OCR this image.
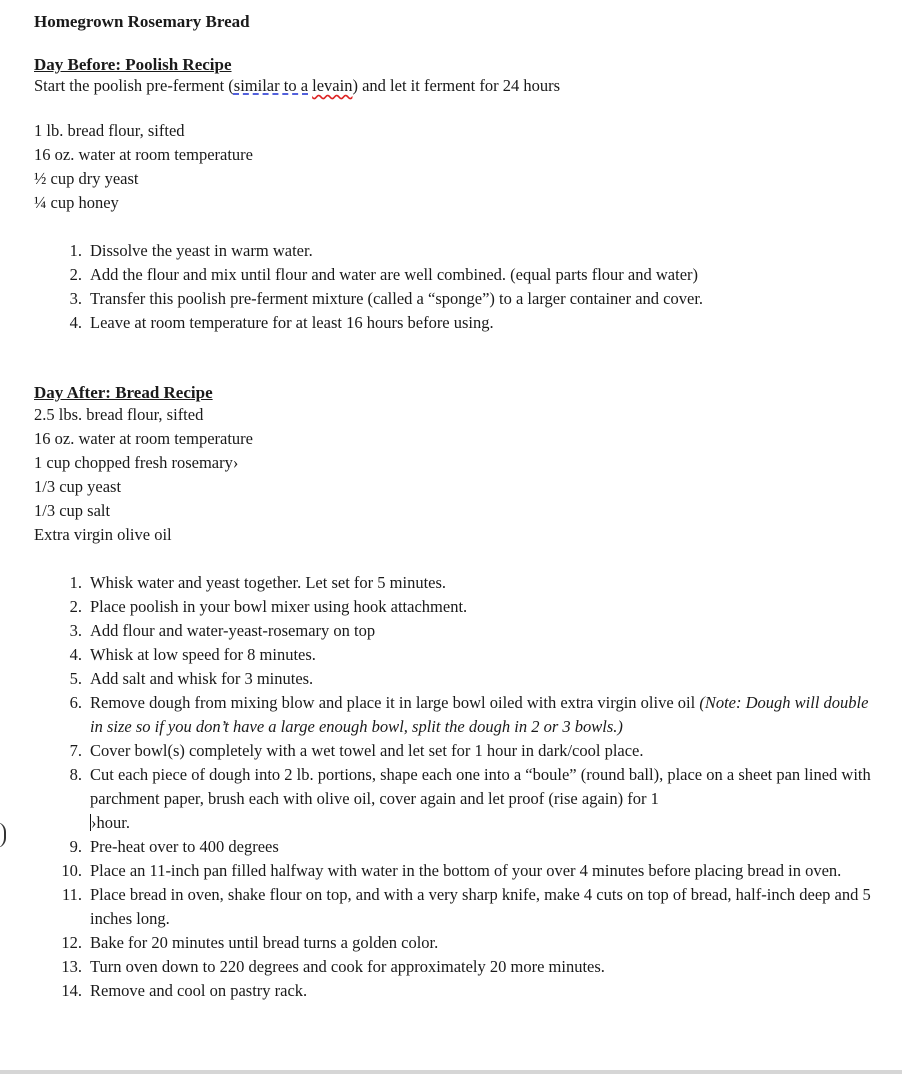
Homegrown Rosemary Bread

Day Before: Poolish Recipe

Start the poolish pre-ferment (similar to a levain) and let it ferment for 24 hours

1 lb. bread flour, sifted

16 oz. water at room temperature

½ cup dry yeast

¼ cup honey

1. Dissolve the yeast in warm water.
2. Add the flour and mix until flour and water are well combined. (equal parts flour and water)
3. Transfer this poolish pre-ferment mixture (called a “sponge”) to a larger container and cover.
4. Leave at room temperature for at least 16 hours before using.

Day After: Bread Recipe

2.5 lbs. bread flour, sifted

16 oz. water at room temperature

1 cup chopped fresh rosemary›

1/3 cup yeast

1/3 cup salt

Extra virgin olive oil

1. Whisk water and yeast together. Let set for 5 minutes.
2. Place poolish in your bowl mixer using hook attachment.
3. Add flour and water-yeast-rosemary on top
4. Whisk at low speed for 8 minutes.
5. Add salt and whisk for 3 minutes.
6. Remove dough from mixing blow and place it in large bowl oiled with extra virgin olive oil (Note: Dough will double in size so if you don’t have a large enough bowl, split the dough in 2 or 3 bowls.)
7. Cover bowl(s) completely with a wet towel and let set for 1 hour in dark/cool place.
8. Cut each piece of dough into 2 lb. portions, shape each one into a “boule” (round ball), place on a sheet pan lined with parchment paper, brush each with olive oil, cover again and let proof (rise again) for 1
›hour.
9. Pre-heat over to 400 degrees
10. Place an 11-inch pan filled halfway with water in the bottom of your over 4 minutes before placing bread in oven.
11. Place bread in oven, shake flour on top, and with a very sharp knife, make 4 cuts on top of bread, half-inch deep and 5 inches long.
12. Bake for 20 minutes until bread turns a golden color.
13. Turn oven down to 220 degrees and cook for approximately 20 more minutes.
14. Remove and cool on pastry rack.
